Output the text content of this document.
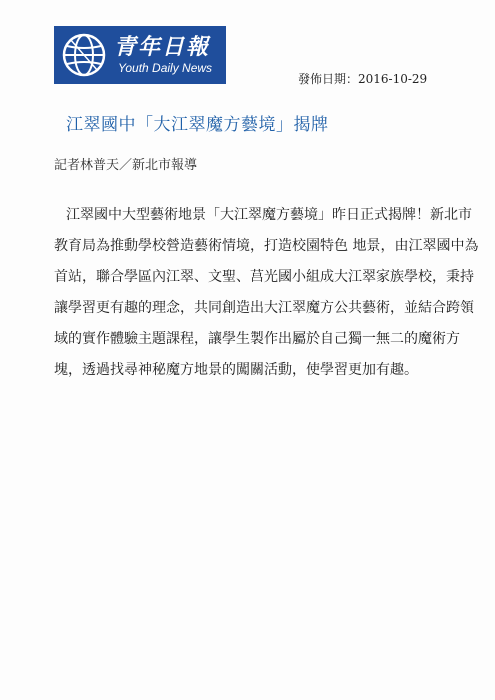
青年日報
Youth Daily News
發佈日期：2016-10-29
江翠國中「大江翠魔方藝境」揭牌
記者林普天／新北市報導
江翠國中大型藝術地景「大江翠魔方藝境」昨日正式揭牌！新北市
教育局為推動學校營造藝術情境，打造校園特色 地景，由江翠國中為
首站，聯合學區內江翠、文聖、莒光國小組成大江翠家族學校，秉持
讓學習更有趣的理念，共同創造出大江翠魔方公共藝術，並結合跨領
域的實作體驗主題課程，讓學生製作出屬於自己獨一無二的魔術方
塊，透過找尋神秘魔方地景的闖關活動，使學習更加有趣。
